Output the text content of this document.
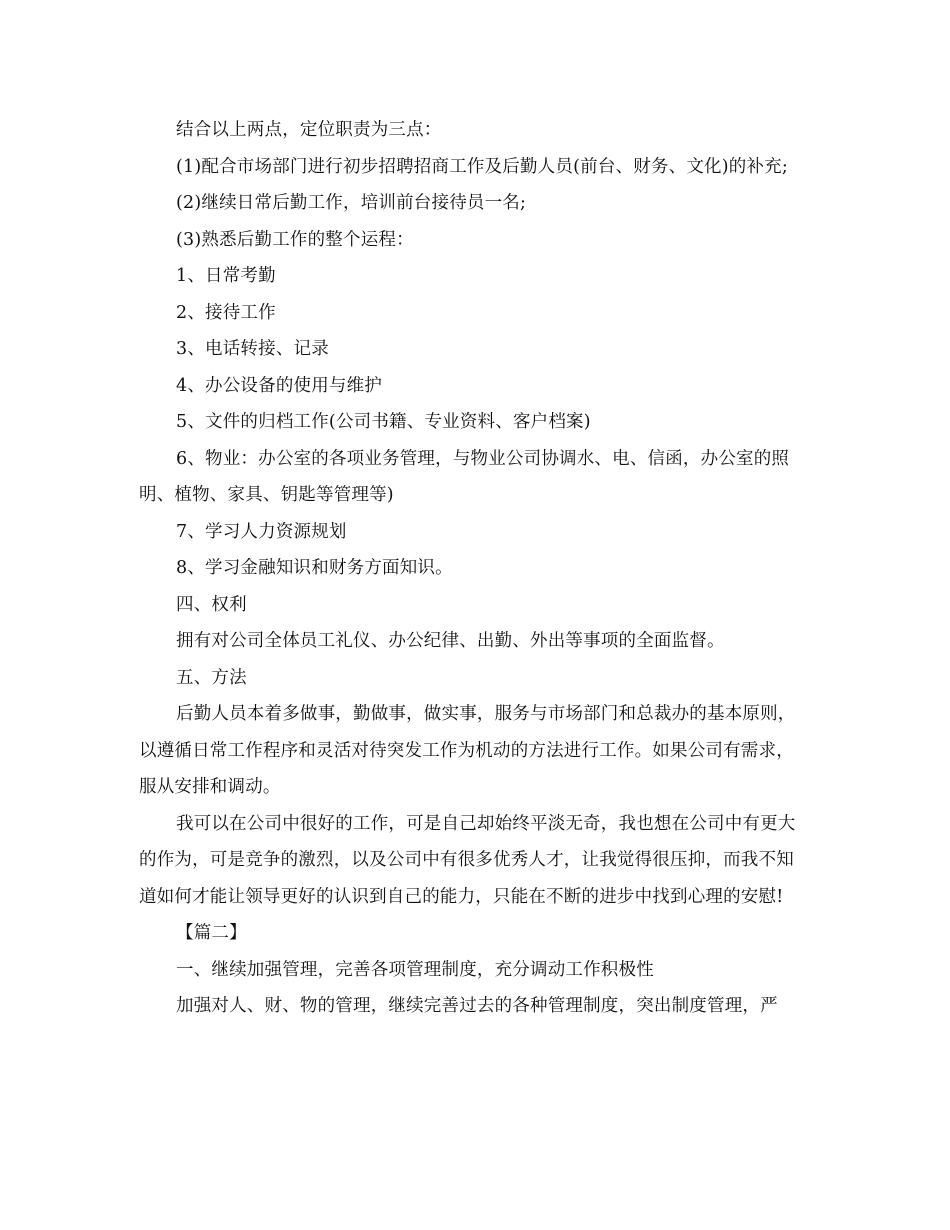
结合以上两点，定位职责为三点：

(1)配合市场部门进行初步招聘招商工作及后勤人员(前台、财务、文化)的补充;

(2)继续日常后勤工作，培训前台接待员一名;

(3)熟悉后勤工作的整个运程：

1、日常考勤

2、接待工作

3、电话转接、记录

4、办公设备的使用与维护

5、文件的归档工作(公司书籍、专业资料、客户档案)

6、物业：办公室的各项业务管理，与物业公司协调水、电、信函，办公室的照明、植物、家具、钥匙等管理等)

7、学习人力资源规划

8、学习金融知识和财务方面知识。

四、权利

拥有对公司全体员工礼仪、办公纪律、出勤、外出等事项的全面监督。

五、方法

后勤人员本着多做事，勤做事，做实事，服务与市场部门和总裁办的基本原则，以遵循日常工作程序和灵活对待突发工作为机动的方法进行工作。如果公司有需求，服从安排和调动。

我可以在公司中很好的工作，可是自己却始终平淡无奇，我也想在公司中有更大的作为，可是竞争的激烈，以及公司中有很多优秀人才，让我觉得很压抑，而我不知道如何才能让领导更好的认识到自己的能力，只能在不断的进步中找到心理的安慰!

【篇二】

一、继续加强管理，完善各项管理制度，充分调动工作积极性

加强对人、财、物的管理，继续完善过去的各种管理制度，突出制度管理，严
